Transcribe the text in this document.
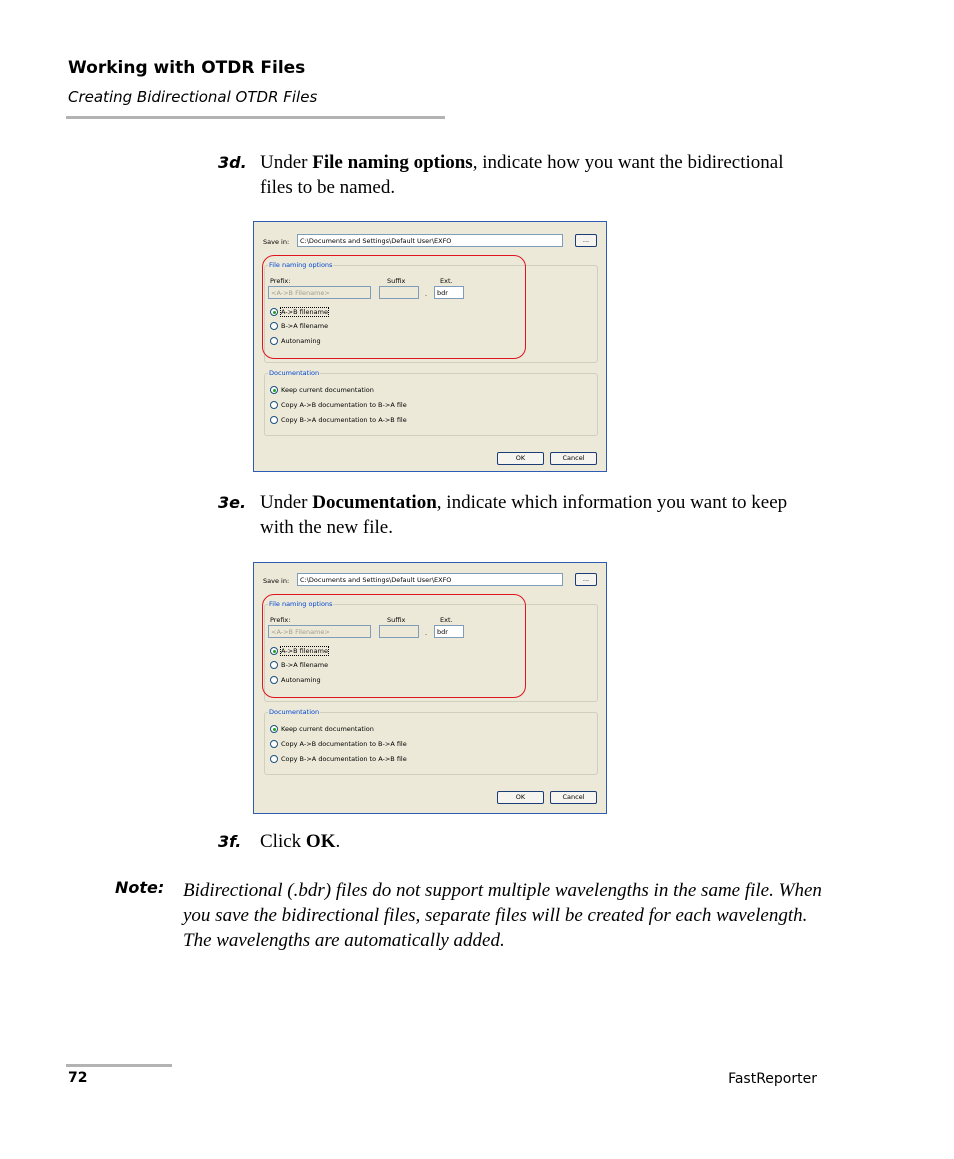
Working with OTDR Files
Creating Bidirectional OTDR Files
3d. Under File naming options, indicate how you want the bidirectional files to be named.
Save in:	C:\Documents and Settings\Default User\EXFO	...
File naming options
Prefix:	Suffix	Ext.
<A->B Filename>	.	bdr
A->B filename
B->A filename
Autonaming
Documentation
Keep current documentation
Copy A->B documentation to B->A file
Copy B->A documentation to A->B file
OK	Cancel
3e. Under Documentation, indicate which information you want to keep with the new file.
Save in:	C:\Documents and Settings\Default User\EXFO	...
File naming options
Prefix:	Suffix	Ext.
<A->B Filename>	.	bdr
A->B filename
B->A filename
Autonaming
Documentation
Keep current documentation
Copy A->B documentation to B->A file
Copy B->A documentation to A->B file
OK	Cancel
3f. Click OK.
Note: Bidirectional (.bdr) files do not support multiple wavelengths in the same file. When you save the bidirectional files, separate files will be created for each wavelength. The wavelengths are automatically added.
72	FastReporter
